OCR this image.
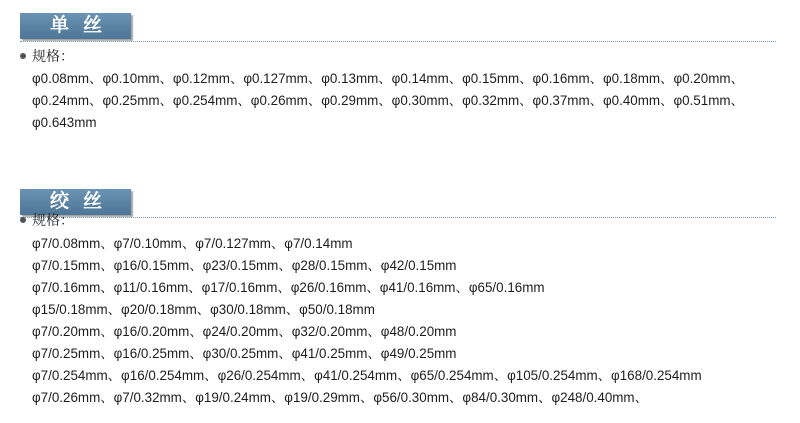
单丝
规格：
φ0.08mm、φ0.10mm、φ0.12mm、φ0.127mm、φ0.13mm、φ0.14mm、φ0.15mm、φ0.16mm、φ0.18mm、φ0.20mm、
φ0.24mm、φ0.25mm、φ0.254mm、φ0.26mm、φ0.29mm、φ0.30mm、φ0.32mm、φ0.37mm、φ0.40mm、φ0.51mm、
φ0.643mm
绞丝
规格：
φ7/0.08mm、φ7/0.10mm、φ7/0.127mm、φ7/0.14mm
φ7/0.15mm、φ16/0.15mm、φ23/0.15mm、φ28/0.15mm、φ42/0.15mm
φ7/0.16mm、φ11/0.16mm、φ17/0.16mm、φ26/0.16mm、φ41/0.16mm、φ65/0.16mm
φ15/0.18mm、φ20/0.18mm、φ30/0.18mm、φ50/0.18mm
φ7/0.20mm、φ16/0.20mm、φ24/0.20mm、φ32/0.20mm、φ48/0.20mm
φ7/0.25mm、φ16/0.25mm、φ30/0.25mm、φ41/0.25mm、φ49/0.25mm
φ7/0.254mm、φ16/0.254mm、φ26/0.254mm、φ41/0.254mm、φ65/0.254mm、φ105/0.254mm、φ168/0.254mm
φ7/0.26mm、φ7/0.32mm、φ19/0.24mm、φ19/0.29mm、φ56/0.30mm、φ84/0.30mm、φ248/0.40mm、
